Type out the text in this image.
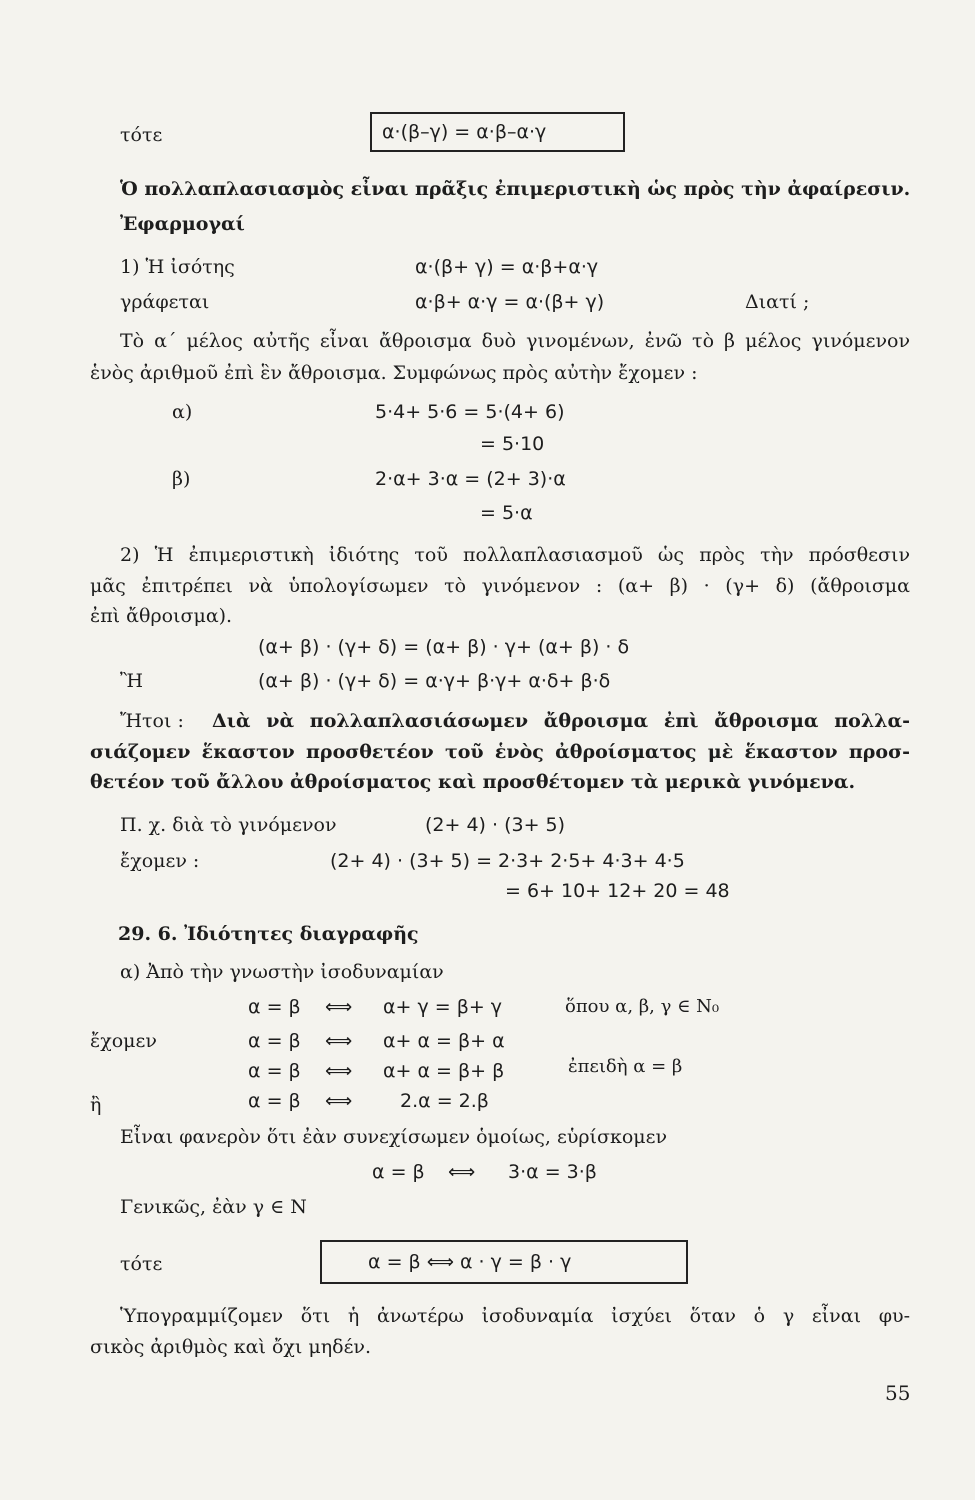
τότε	α·(β–γ) = α·β–α·γ
Ὁ πολλαπλασιασμὸς εἶναι πρᾶξις ἐπιμεριστικὴ ὡς πρὸς τὴν ἀφαίρεσιν.
Ἐφαρμογαί
1) Ἡ ἰσότης	α·(β+ γ) = α·β+α·γ
γράφεται	α·β+ α·γ = α·(β+ γ)	Διατί ;
Τὸ α΄ μέλος αὐτῆς εἶναι ἄθροισμα δυὸ γινομένων, ἐνῶ τὸ β μέλος γινόμενον
ἑνὸς ἀριθμοῦ ἐπὶ ἓν ἄθροισμα. Συμφώνως πρὸς αὐτὴν ἔχομεν :
α)	5·4+ 5·6 = 5·(4+ 6)
= 5·10
β)	2·α+ 3·α = (2+ 3)·α
= 5·α
2) Ἡ ἐπιμεριστικὴ ἰδιότης τοῦ πολλαπλασιασμοῦ ὡς πρὸς τὴν πρόσθεσιν
μᾶς ἐπιτρέπει νὰ ὑπολογίσωμεν τὸ γινόμενον : (α+ β) · (γ+ δ) (ἄθροισμα
ἐπὶ ἄθροισμα).
(α+ β) · (γ+ δ) = (α+ β) · γ+ (α+ β) · δ
Ἢ	(α+ β) · (γ+ δ) = α·γ+ β·γ+ α·δ+ β·δ
Ἤτοι : Διὰ νὰ πολλαπλασιάσωμεν ἄθροισμα ἐπὶ ἄθροισμα πολλα-
σιάζομεν ἕκαστον προσθετέον τοῦ ἑνὸς ἀθροίσματος μὲ ἕκαστον προσ-
θετέον τοῦ ἄλλου ἀθροίσματος καὶ προσθέτομεν τὰ μερικὰ γινόμενα.
Π. χ. διὰ τὸ γινόμενον	(2+ 4) · (3+ 5)
ἔχομεν :	(2+ 4) · (3+ 5) = 2·3+ 2·5+ 4·3+ 4·5
= 6+ 10+ 12+ 20 = 48
29. 6. Ἰδιότητες διαγραφῆς
α) Ἀπὸ τὴν γνωστὴν ἰσοδυναμίαν
α = β ⟺ α+ γ = β+ γ	ὅπου α, β, γ ∈ N₀
ἔχομεν	α = β ⟺ α+ α = β+ α
α = β ⟺ α+ α = β+ β	ἐπειδὴ α = β
ἢ	α = β ⟺	2.α = 2.β
Εἶναι φανερὸν ὅτι ἐὰν συνεχίσωμεν ὁμοίως, εὑρίσκομεν
α = β ⟺ 3·α = 3·β
Γενικῶς, ἐὰν γ ∈ N
τότε	α = β ⟺ α · γ = β · γ
Ὑπογραμμίζομεν ὅτι ἡ ἀνωτέρω ἰσοδυναμία ἰσχύει ὅταν ὁ γ εἶναι φυ-
σικὸς ἀριθμὸς καὶ ὄχι μηδέν.
55
